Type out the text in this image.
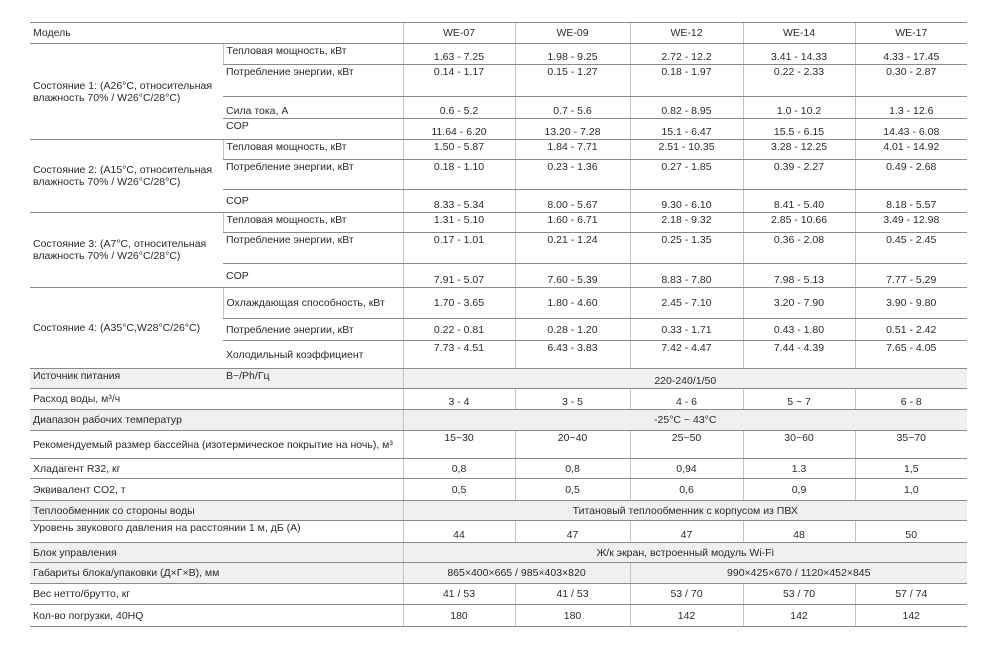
Модель		WE-07	WE-09	WE-12	WE-14	WE-17
Состояние 1: (A26°С, относительная влажность 70% / W26°C/28°C)	Тепловая мощность, кВт	1.63 - 7.25	1.98 - 9.25	2.72 - 12.2	3.41 - 14.33	4.33 - 17.45
	Потребление энергии, кВт	0.14 - 1.17	0.15 - 1.27	0.18 - 1.97	0.22 - 2.33	0.30 - 2.87
	Сила тока, А	0.6 - 5.2	0.7 - 5.6	0.82 - 8.95	1.0 - 10.2	1.3 - 12.6
	COP	11.64 - 6.20	13.20 - 7.28	15.1 - 6.47	15.5 - 6.15	14.43 - 6.08
Состояние 2: (A15°С, относительная влажность 70% / W26°C/28°C)	Тепловая мощность, кВт	1.50 - 5.87	1.84 - 7.71	2.51 - 10.35	3.28 - 12.25	4.01 - 14.92
	Потребление энергии, кВт	0.18 - 1.10	0.23 - 1.36	0.27 - 1.85	0.39 - 2.27	0.49 - 2.68
	COP	8.33 - 5.34	8.00 - 5.67	9.30 - 6.10	8.41 - 5.40	8.18 - 5.57
Состояние 3: (A7°С, относительная влажность 70% / W26°C/28°C)	Тепловая мощность, кВт	1.31 - 5.10	1.60 - 6.71	2.18 - 9.32	2.85 - 10.66	3.49 - 12.98
	Потребление энергии, кВт	0.17 - 1.01	0.21 - 1.24	0.25 - 1.35	0.36 - 2.08	0.45 - 2.45
	COP	7.91 - 5.07	7.60 - 5.39	8.83 - 7.80	7.98 - 5.13	7.77 - 5.29
Состояние 4: (A35°С,W28°C/26°C)	Охлаждающая способность, кВт	1.70 - 3.65	1.80 - 4.60	2.45 - 7.10	3.20 - 7.90	3.90 - 9.80
	Потребление энергии, кВт	0.22 - 0.81	0.28 - 1.20	0.33 - 1.71	0.43 - 1.80	0.51 - 2.42
	Холодильный коэффициент	7.73 - 4.51	6.43 - 3.83	7.42 - 4.47	7.44 - 4.39	7.65 - 4.05
Источник питания	В~/Ph/Гц	220-240/1/50				
Расход воды, м³/ч		3 - 4	3 - 5	4 - 6	5 ~ 7	6 - 8
Диапазон рабочих температур		-25°C ~ 43°C				
Рекомендуемый размер бассейна (изотермическое покрытие на ночь), м³		15~30	20~40	25~50	30~60	35~70
Хладагент R32, кг		0,8	0,8	0,94	1.3	1,5
Эквивалент CO2, т		0,5	0,5	0,6	0,9	1,0
Теплообменник со стороны воды		Титановый теплообменник с корпусом из ПВХ				
Уровень звукового давления на расстоянии 1 м, дБ (А)		44	47	47	48	50
Блок управления		Ж/к экран, встроенный модуль Wi-Fi				
Габариты блока/упаковки (Д×Г×В), мм		865×400×665 / 985×403×820		990×425×670 / 1120×452×845		
Вес нетто/брутто, кг		41 / 53	41 / 53	53 / 70	53 / 70	57 / 74
Кол-во погрузки, 40HQ		180	180	142	142	142
